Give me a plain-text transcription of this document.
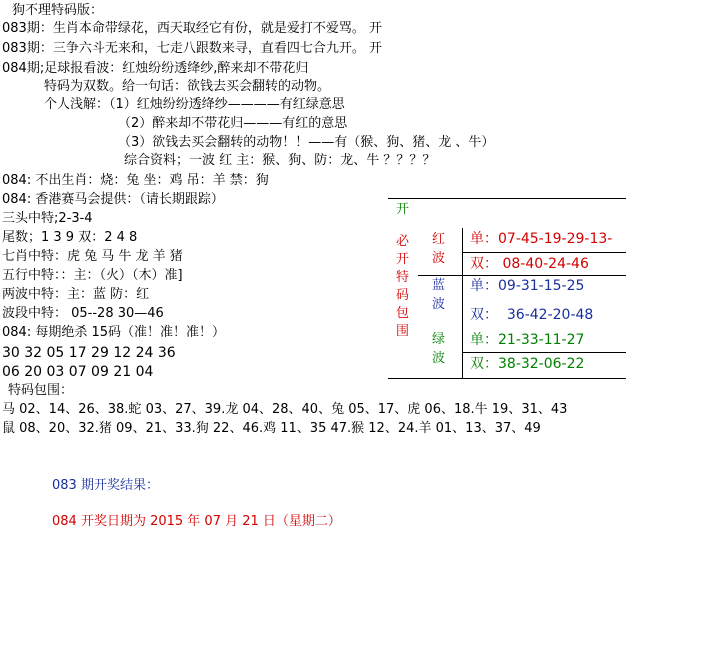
狗不理特码版：
083期：生肖本命带绿花，西天取经它有份，就是爱打不爱骂。 开
083期：三争六斗无来和，七走八跟数来寻，直看四七合九开。 开
084期;足球报看波：红烛纷纷透绛纱,醉来却不带花归
特码为双数。给一句话：欲钱去买会翻转的动物。
个人浅解：（1）红烛纷纷透绛纱————有红绿意思
（2）醉来却不带花归———有红的意思
（3）欲钱去买会翻转的动物！！——有（猴、狗、猪、龙 、牛）
综合资料；一波 红 主：猴、狗、防：龙、牛 ？？？？
084: 不出生肖：烧：兔 坐：鸡 吊：羊 禁：狗
084: 香港赛马会提供：（请长期跟踪）
三头中特;2-3-4
尾数；1 3 9 双：2 4 8
七肖中特：虎 兔 马 牛 龙 羊 猪
五行中特：：主：（火）（木）准]
两波中特：主：蓝 防：红
波段中特： 05--28 30—46
084: 每期绝杀 15码（准！准！准！）
30 32 05 17 29 12 24 36
06 20 03 07 09 21 04
特码包围：
马 02、14、26、38.蛇 03、27、39.龙 04、28、40、兔 05、17、虎 06、18.牛 19、31、43
鼠 08、20、32.猪 09、21、33.狗 22、46.鸡 11、35 47.猴 12、24.羊 01、13、37、49
083 期开奖结果：
084 开奖日期为 2015 年 07 月 21 日（星期二）
开
必
开
特
码
包
围
红
波
蓝
波
绿
波
单：07-45-19-29-13-
双： 08-40-24-46
单：09-31-15-25
双：  36-42-20-48
单：21-33-11-27
双：38-32-06-22
